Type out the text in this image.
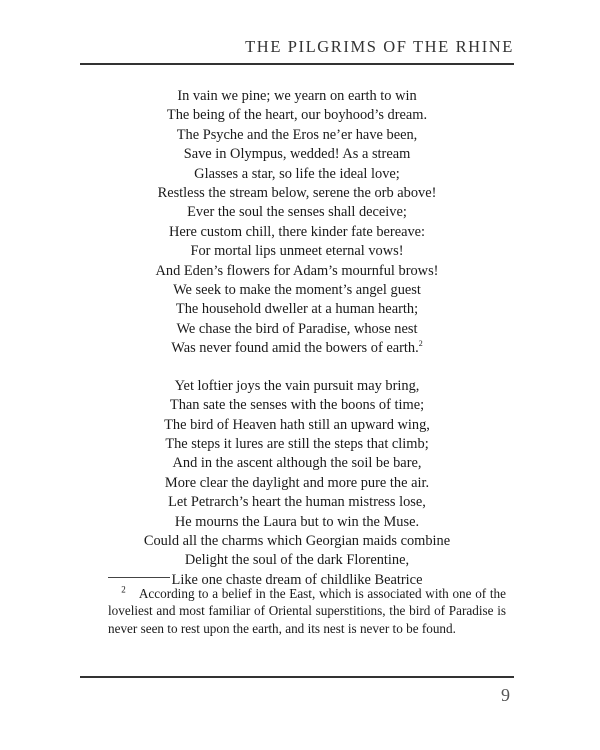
THE PILGRIMS OF THE RHINE
In vain we pine; we yearn on earth to win
The being of the heart, our boyhood’s dream.
The Psyche and the Eros ne’er have been,
Save in Olympus, wedded! As a stream
Glasses a star, so life the ideal love;
Restless the stream below, serene the orb above!
Ever the soul the senses shall deceive;
Here custom chill, there kinder fate bereave:
For mortal lips unmeet eternal vows!
And Eden’s flowers for Adam’s mournful brows!
We seek to make the moment’s angel guest
The household dweller at a human hearth;
We chase the bird of Paradise, whose nest
Was never found amid the bowers of earth.$^2$
Yet loftier joys the vain pursuit may bring,
Than sate the senses with the boons of time;
The bird of Heaven hath still an upward wing,
The steps it lures are still the steps that climb;
And in the ascent although the soil be bare,
More clear the daylight and more pure the air.
Let Petrarch’s heart the human mistress lose,
He mourns the Laura but to win the Muse.
Could all the charms which Georgian maids combine
Delight the soul of the dark Florentine,
Like one chaste dream of childlike Beatrice
 $^2$  According to a belief in the East, which is associated with one of the loveliest and most familiar of Oriental superstitions, the bird of Paradise is never seen to rest upon the earth, and its nest is never to be found.
9
